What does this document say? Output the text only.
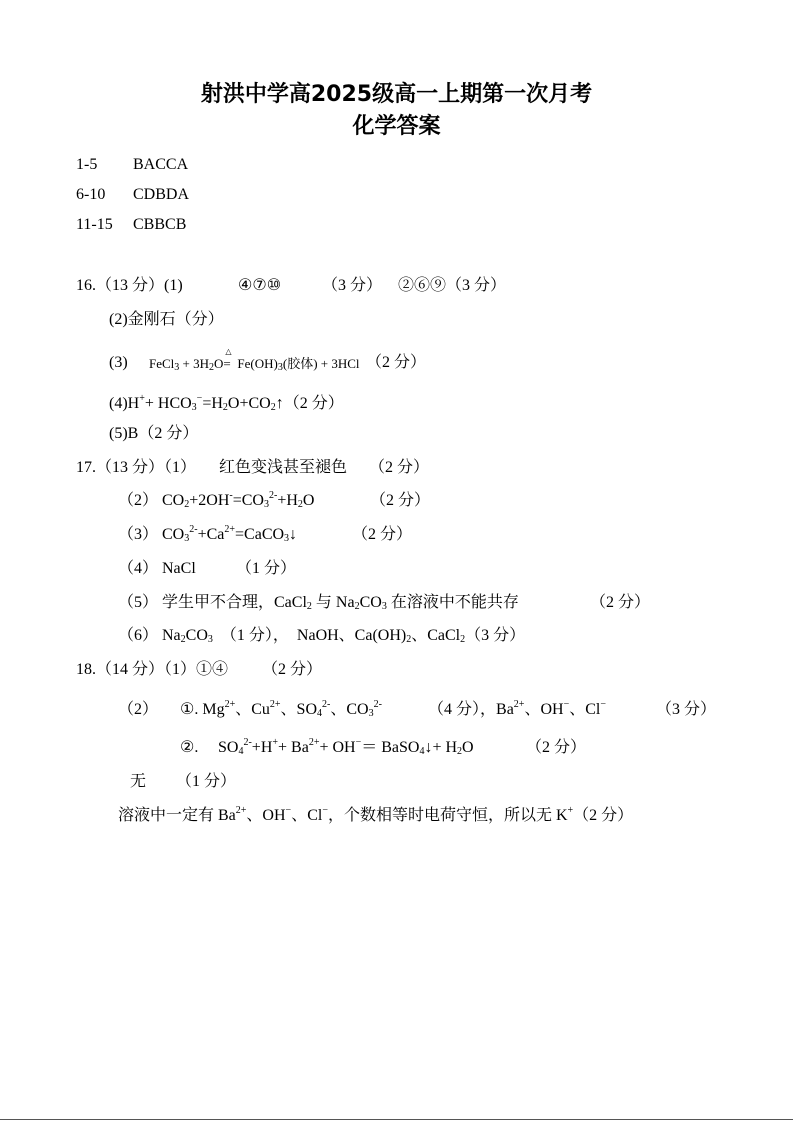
射洪中学高2025级高一上期第一次月考
化学答案
1-5 BACCA
6-10 CDBDA
11-15 CBBCB
16.（13 分）(1)	④⑦⑩	（3 分） ②⑥⑨（3 分）
(2)金刚石（分）
(3) FeCl$_3$ + $3H_2O$
△
= $Fe(OH)_3$(胶体) + 3HCl （2 分）
$(4)H^++ HCO_3^-=H_2O+CO_2↑(2$ 分）
(5)B（2 分）
17.（13 分）（1） 红色变浅甚至褪色 （2 分）
（2） $CO_2+2OH^-=CO_3^{2-}+H_2O$	（2 分）
（3） $CO_3^{2-}+Ca^{2+}=CaCO_3↓$	（2 分）
（4） NaCl	（1 分）
（5） 学生甲不合理，CaCl$_2$ 与 $Na_2CO_3$ 在溶液中不能共存	（2 分）
（6） $Na_2CO_3$ （1 分）， NaOH、$Ca(OH)_2$、CaCl$_2$（3 分）
18.（14 分）（1）①④ （2 分）
（2） ①. $Mg^{2+}$、$Cu^{2+}$、$SO_4^{2-}$、$CO_3^{2-}$	（4 分），$Ba^{2+}$、OH−、Cl−	（3 分）
②. $SO_4^{2-}+H^++ Ba^{2+}+ OH^-=$ BaSO$_4$↓+ $H_2O$	（2 分）
无 （1 分）
溶液中一定有 $Ba^{2+}$、OH−、Cl−，个数相等时电荷守恒，所以无 K+（2 分）
